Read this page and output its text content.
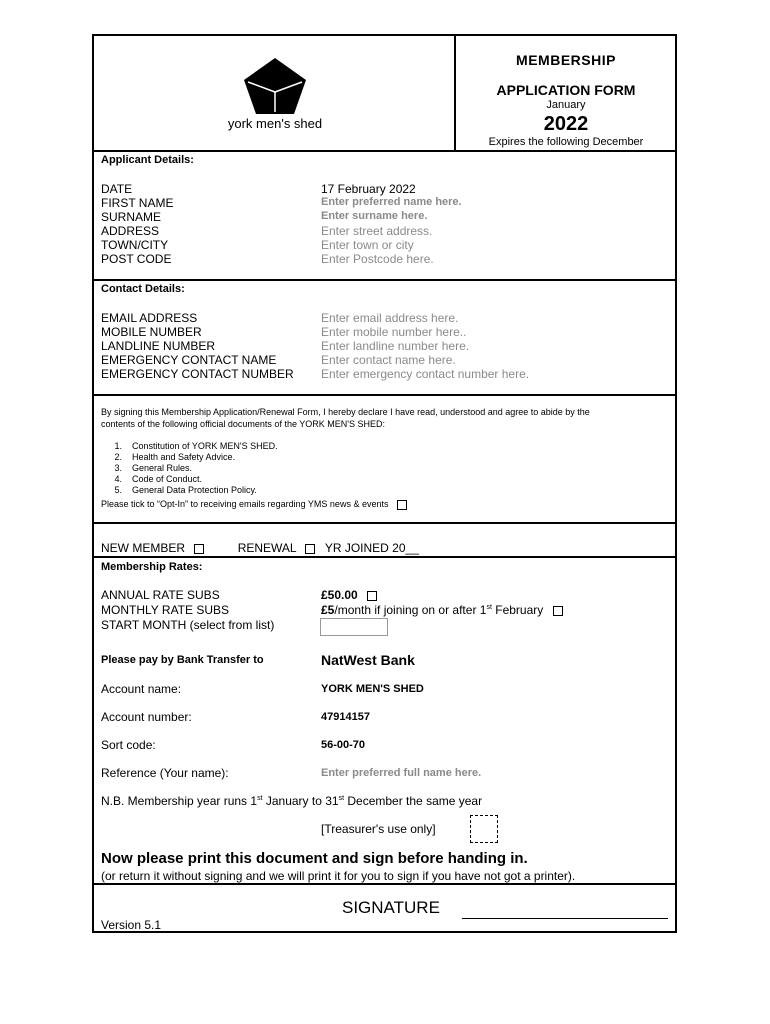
york men's shed
MEMBERSHIP
APPLICATION FORM
January
2022
Expires the following December
Applicant Details:
DATE	17 February 2022
FIRST NAME	Enter preferred name here.
SURNAME	Enter surname here.
ADDRESS	Enter street address.
TOWN/CITY	Enter town or city
POST CODE	Enter Postcode here.
Contact Details:
EMAIL ADDRESS	Enter email address here.
MOBILE NUMBER	Enter mobile number here..
LANDLINE NUMBER	Enter landline number here.
EMERGENCY CONTACT NAME	Enter contact name here.
EMERGENCY CONTACT NUMBER Enter emergency contact number here.
By signing this Membership Application/Renewal Form, I hereby declare I have read, understood and agree to abide by the
contents of the following official documents of the YORK MEN'S SHED:
1. Constitution of YORK MEN'S SHED.
2. Health and Safety Advice.
3. General Rules.
4. Code of Conduct.
5. General Data Protection Policy.
Please tick to “Opt-In” to receiving emails regarding YMS news & events
NEW MEMBER	RENEWAL YR JOINED 20__
Membership Rates:
ANNUAL RATE SUBS	£50.00
MONTHLY RATE SUBS	£5/month if joining on or after 1st February
START MONTH (select from list)
Please pay by Bank Transfer to	NatWest Bank
Account name:	YORK MEN'S SHED
Account number:	47914157
Sort code:	56-00-70
Reference (Your name):	Enter preferred full name here.
N.B. Membership year runs 1st January to 31st December the same year
[Treasurer's use only]
Now please print this document and sign before handing in.
(or return it without signing and we will print it for you to sign if you have not got a printer).
SIGNATURE
Version 5.1
